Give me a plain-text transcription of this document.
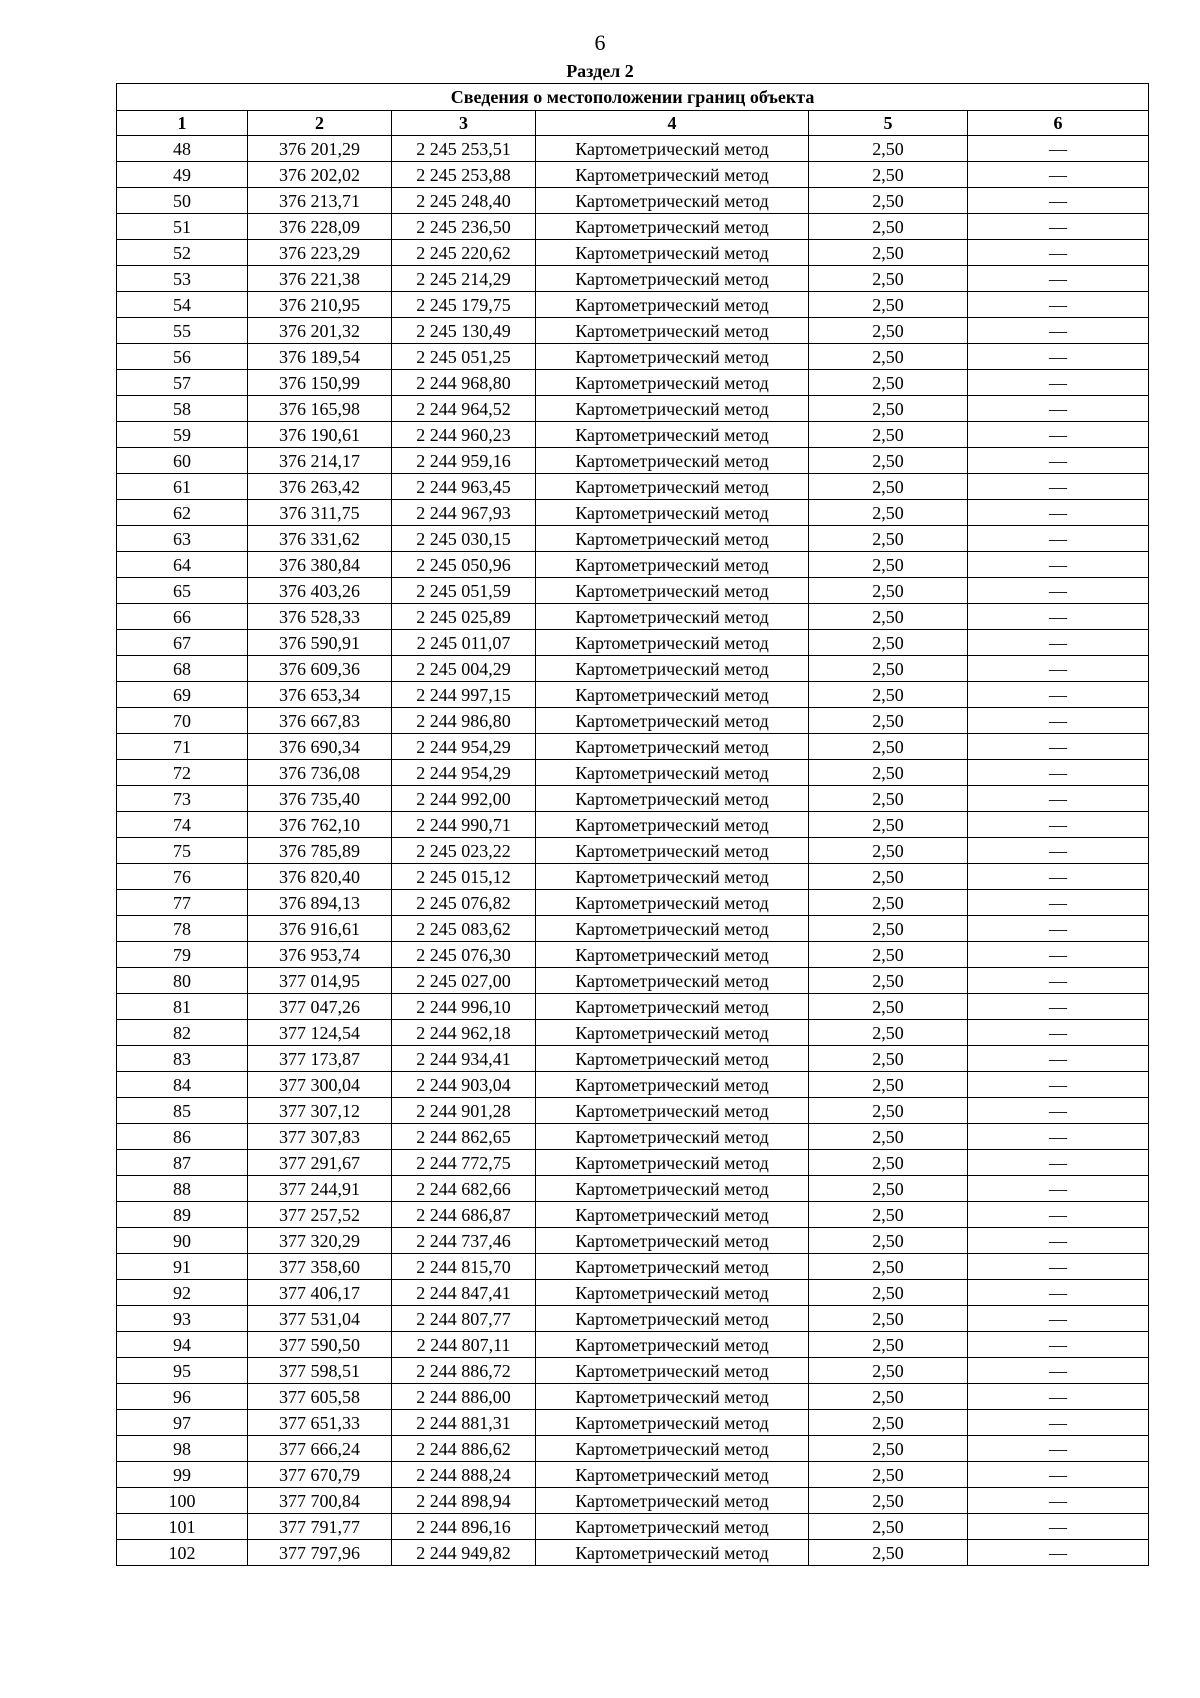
6
Раздел 2
Сведения о местоположении границ объекта					
1	2	3	4	5	6
48	376 201,29	2 245 253,51	Картометрический метод	2,50	—
49	376 202,02	2 245 253,88	Картометрический метод	2,50	—
50	376 213,71	2 245 248,40	Картометрический метод	2,50	—
51	376 228,09	2 245 236,50	Картометрический метод	2,50	—
52	376 223,29	2 245 220,62	Картометрический метод	2,50	—
53	376 221,38	2 245 214,29	Картометрический метод	2,50	—
54	376 210,95	2 245 179,75	Картометрический метод	2,50	—
55	376 201,32	2 245 130,49	Картометрический метод	2,50	—
56	376 189,54	2 245 051,25	Картометрический метод	2,50	—
57	376 150,99	2 244 968,80	Картометрический метод	2,50	—
58	376 165,98	2 244 964,52	Картометрический метод	2,50	—
59	376 190,61	2 244 960,23	Картометрический метод	2,50	—
60	376 214,17	2 244 959,16	Картометрический метод	2,50	—
61	376 263,42	2 244 963,45	Картометрический метод	2,50	—
62	376 311,75	2 244 967,93	Картометрический метод	2,50	—
63	376 331,62	2 245 030,15	Картометрический метод	2,50	—
64	376 380,84	2 245 050,96	Картометрический метод	2,50	—
65	376 403,26	2 245 051,59	Картометрический метод	2,50	—
66	376 528,33	2 245 025,89	Картометрический метод	2,50	—
67	376 590,91	2 245 011,07	Картометрический метод	2,50	—
68	376 609,36	2 245 004,29	Картометрический метод	2,50	—
69	376 653,34	2 244 997,15	Картометрический метод	2,50	—
70	376 667,83	2 244 986,80	Картометрический метод	2,50	—
71	376 690,34	2 244 954,29	Картометрический метод	2,50	—
72	376 736,08	2 244 954,29	Картометрический метод	2,50	—
73	376 735,40	2 244 992,00	Картометрический метод	2,50	—
74	376 762,10	2 244 990,71	Картометрический метод	2,50	—
75	376 785,89	2 245 023,22	Картометрический метод	2,50	—
76	376 820,40	2 245 015,12	Картометрический метод	2,50	—
77	376 894,13	2 245 076,82	Картометрический метод	2,50	—
78	376 916,61	2 245 083,62	Картометрический метод	2,50	—
79	376 953,74	2 245 076,30	Картометрический метод	2,50	—
80	377 014,95	2 245 027,00	Картометрический метод	2,50	—
81	377 047,26	2 244 996,10	Картометрический метод	2,50	—
82	377 124,54	2 244 962,18	Картометрический метод	2,50	—
83	377 173,87	2 244 934,41	Картометрический метод	2,50	—
84	377 300,04	2 244 903,04	Картометрический метод	2,50	—
85	377 307,12	2 244 901,28	Картометрический метод	2,50	—
86	377 307,83	2 244 862,65	Картометрический метод	2,50	—
87	377 291,67	2 244 772,75	Картометрический метод	2,50	—
88	377 244,91	2 244 682,66	Картометрический метод	2,50	—
89	377 257,52	2 244 686,87	Картометрический метод	2,50	—
90	377 320,29	2 244 737,46	Картометрический метод	2,50	—
91	377 358,60	2 244 815,70	Картометрический метод	2,50	—
92	377 406,17	2 244 847,41	Картометрический метод	2,50	—
93	377 531,04	2 244 807,77	Картометрический метод	2,50	—
94	377 590,50	2 244 807,11	Картометрический метод	2,50	—
95	377 598,51	2 244 886,72	Картометрический метод	2,50	—
96	377 605,58	2 244 886,00	Картометрический метод	2,50	—
97	377 651,33	2 244 881,31	Картометрический метод	2,50	—
98	377 666,24	2 244 886,62	Картометрический метод	2,50	—
99	377 670,79	2 244 888,24	Картометрический метод	2,50	—
100	377 700,84	2 244 898,94	Картометрический метод	2,50	—
101	377 791,77	2 244 896,16	Картометрический метод	2,50	—
102	377 797,96	2 244 949,82	Картометрический метод	2,50	—
